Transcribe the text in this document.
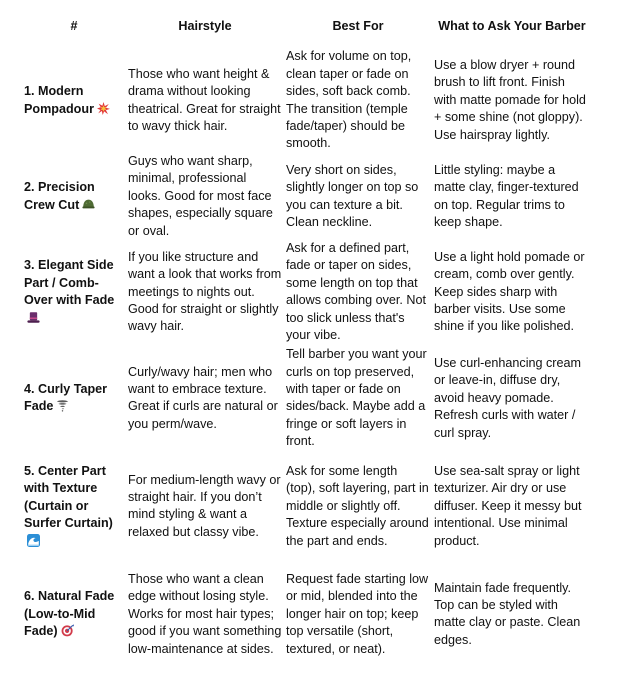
#	Hairstyle	Best For	What to Ask Your Barber
1. Modern Pompadour	Those who want height & drama without looking theatrical. Great for straight to wavy thick hair.	Ask for volume on top, clean taper or fade on sides, soft back comb. The transition (temple fade/taper) should be smooth.	Use a blow dryer + round brush to lift front. Finish with matte pomade for hold + some shine (not gloppy). Use hairspray lightly.
2. Precision Crew Cut	Guys who want sharp, minimal, professional looks. Good for most face shapes, especially square or oval.	Very short on sides, slightly longer on top so you can texture a bit. Clean neckline.	Little styling: maybe a matte clay, finger-textured on top. Regular trims to keep shape.
3. Elegant Side Part / Comb-Over with Fade	If you like structure and want a look that works from meetings to nights out. Good for straight or slightly wavy hair.	Ask for a defined part, fade or taper on sides, some length on top that allows combing over. Not too slick unless that's your vibe.	Use a light hold pomade or cream, comb over gently. Keep sides sharp with barber visits. Use some shine if you like polished.
4. Curly Taper Fade	Curly/wavy hair; men who want to embrace texture. Great if curls are natural or you perm/wave.	Tell barber you want your curls on top preserved, with taper or fade on sides/back. Maybe add a fringe or soft layers in front.	Use curl-enhancing cream or leave-in, diffuse dry, avoid heavy pomade. Refresh curls with water / curl spray.
5. Center Part with Texture (Curtain or Surfer Curtain)	For medium-length wavy or straight hair. If you don’t mind styling & want a relaxed but classy vibe.	Ask for some length (top), soft layering, part in middle or slightly off. Texture especially around the part and ends.	Use sea-salt spray or light texturizer. Air dry or use diffuser. Keep it messy but intentional. Use minimal product.
6. Natural Fade (Low-to-Mid Fade)	Those who want a clean edge without losing style. Works for most hair types; good if you want something low-maintenance at sides.	Request fade starting low or mid, blended into the longer hair on top; keep top versatile (short, textured, or neat).	Maintain fade frequently. Top can be styled with matte clay or paste. Clean edges.
